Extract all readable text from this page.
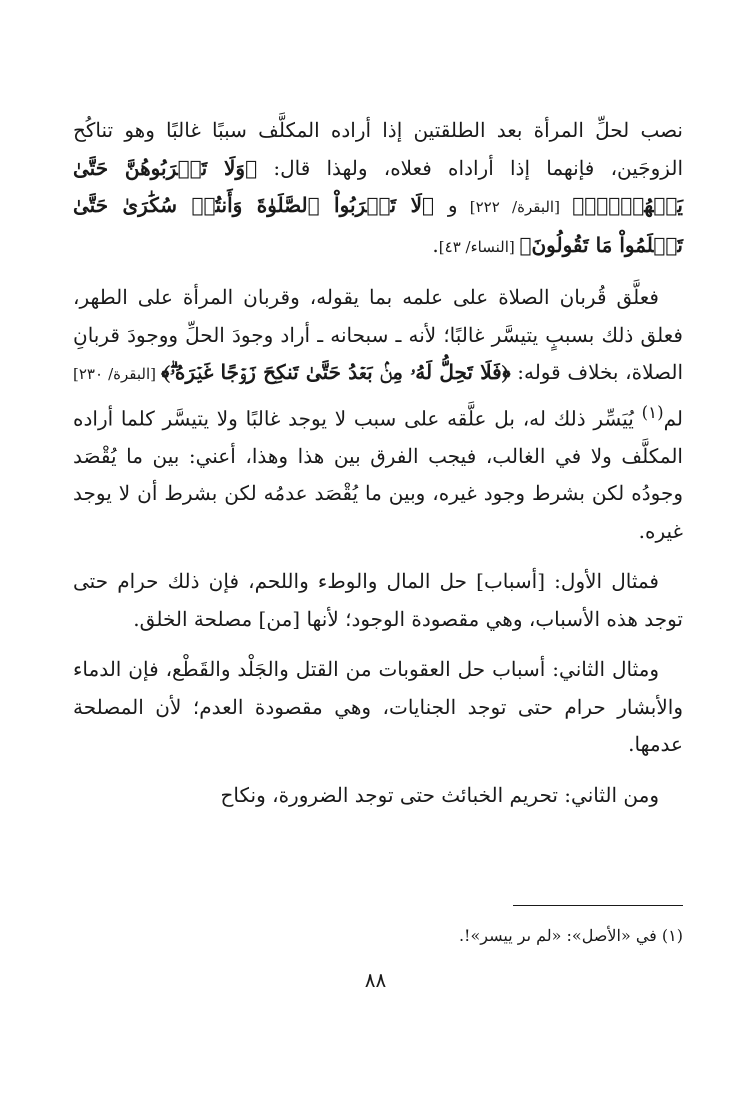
نصب لحلِّ المرأة بعد الطلقتين إذا أراده المكلَّف سببًا غالبًا وهو تناكُح الزوجَين، فإنهما إذا أراداه فعلاه، ولهذا قال: ﴿وَلَا تَقۡرَبُوهُنَّ حَتَّىٰ يَطۡهُرۡنَۖ﴾ [البقرة/ ٢٢٢] و ﴿لَا تَقۡرَبُواْ ٱلصَّلَوٰةَ وَأَنتُمۡ سُكَٰرَىٰ حَتَّىٰ تَعۡلَمُواْ مَا تَقُولُونَ﴾ [النساء/ ٤٣].

فعلَّق قُربان الصلاة على علمه بما يقوله، وقربان المرأة على الطهر، فعلق ذلك بسببٍ يتيسَّر غالبًا؛ لأنه ـ سبحانه ـ أراد وجودَ الحلِّ ووجودَ قربانِ الصلاة، بخلاف قوله: ﴿فَلَا تَحِلُّ لَهُۥ مِنۢ بَعۡدُ حَتَّىٰ تَنكِحَ زَوۡجًا غَيۡرَهُۥۗ﴾ [البقرة/ ٢٣٠] لم$^{(١)}$ يُيَسِّر ذلك له، بل علَّقه على سبب لا يوجد غالبًا ولا يتيسَّر كلما أراده المكلَّف ولا في الغالب، فيجب الفرق بين هذا وهذا، أعني: بين ما يُقْصَد وجودُه لكن بشرط وجود غيره، وبين ما يُقْصَد عدمُه لكن بشرط أن لا يوجد غيره.

فمثال الأول: [أسباب] حل المال والوطء واللحم، فإن ذلك حرام حتى توجد هذه الأسباب، وهي مقصودة الوجود؛ لأنها [من] مصلحة الخلق.

ومثال الثاني: أسباب حل العقوبات من القتل والجَلْد والقَطْع، فإن الدماء والأبشار حرام حتى توجد الجنايات، وهي مقصودة العدم؛ لأن المصلحة عدمها.

ومن الثاني: تحريم الخبائث حتى توجد الضرورة، ونكاح

(١) في «الأصل»: «لم ىر ييسر»!.
٨٨
